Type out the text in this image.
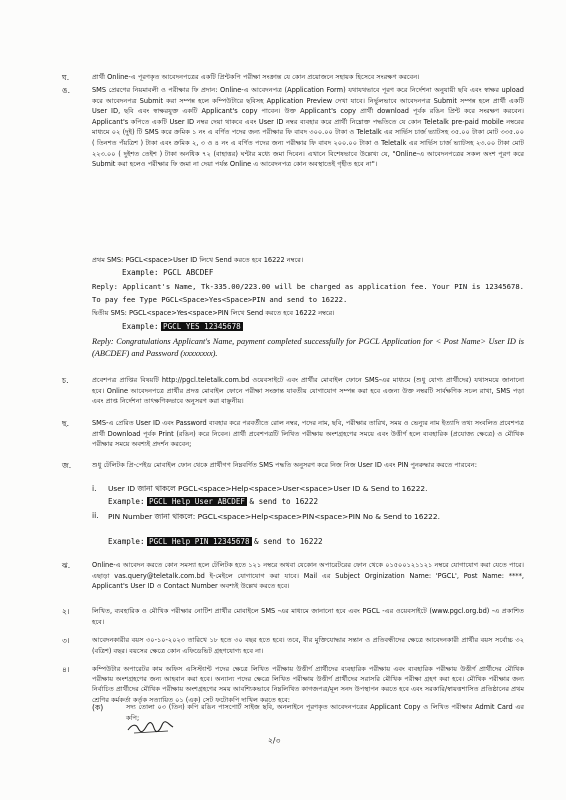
ঘ.	প্রার্থী Online-এ পূরণকৃত আবেদনপত্রের একটি প্রিন্টকপি পরীক্ষা সংক্রান্ত যে কোন প্রয়োজনে সহায়ক হিসেবে সংরক্ষণ করবেন।
ঙ.	SMS প্রেরণের নিয়মাবলী ও পরীক্ষার ফি প্রদান: Online-এ আবেদনপত্র (Application Form) যথাযথভাবে পূরণ করে নির্দেশনা অনুযায়ী ছবি এবং স্বাক্ষর upload করে আবেদনপত্র Submit করা সম্পন্ন হলে কম্পিউটারে ছবিসহ Application Preview দেখা যাবে। নির্ভুলভাবে আবেদনপত্র Submit সম্পন্ন হলে প্রার্থী একটি User ID, ছবি এবং স্বাক্ষরযুক্ত একটি Applicant's copy পাবেন। উক্ত Applicant's copy প্রার্থী download পূর্বক রঙিন প্রিন্ট করে সংরক্ষণ করবেন। Applicant's কপিতে একটি User ID নম্বর দেয়া থাকবে এবং User ID নম্বর ব্যবহার করে প্রার্থী নিম্নোক্ত পদ্ধতিতে যে কোন Teletalk pre-paid mobile নম্বরের মাধ্যমে ০২ (দুই) টি SMS করে ক্রমিক ১ নং এ বর্ণিত পদের জন্য পরীক্ষার ফি বাবদ ৩০০.০০ টাকা ও Teletalk এর সার্ভিস চার্জ ভ্যাটসহ ৩৫.০০ টাকা মোট ৩৩৫.০০ ( তিনশত পঁয়ত্রিশ ) টাকা এবং ক্রমিক ২, ৩ ও ৪ নং এ বর্ণিত পদের জন্য পরীক্ষার ফি বাবদ ২০০.০০ টাকা ও Teletalk এর সার্ভিস চার্জ ভ্যাটসহ ২৩.০০ টাকা মোট ২২৩.০০ ( দুইশত তেইশ ) টাকা অনধিক ৭২ (বাহাত্তর) ঘন্টার মধ্যে জমা দিবেন। এখানে বিশেষভাবে উল্লেখ্য যে, "Online-এ আবেদনপত্রের সকল অংশ পূরণ করে Submit করা হলেও পরীক্ষার ফি জমা না দেয়া পর্যন্ত Online এ আবেদনপত্র কোন অবস্থাতেই গৃহীত হবে না"।
প্রথম SMS: PGCL<space>User ID লিখে Send করতে হবে 16222 নম্বরে।
Example: PGCL ABCDEF
Reply: Applicant's Name, Tk-335.00/223.00 will be charged as application fee. Your PIN is 12345678. To pay fee Type PGCL<Space>Yes<Space>PIN and send to 16222.
দ্বিতীয় SMS: PGCL<space>Yes<space>PIN লিখে Send করতে হবে 16222 নম্বরে।
Example: PGCL YES 12345678
Reply: Congratulations Applicant's Name, payment completed successfully for PGCL Application for < Post Name> User ID is (ABCDEF) and Password (xxxxxxxx).
চ.	প্রবেশপত্র প্রাপ্তির বিষয়টি http://pgcl.teletalk.com.bd ওয়েবসাইটে এবং প্রার্থীর মোবাইল ফোনে SMS-এর মাধ্যমে (শুধু যোগ্য প্রার্থীদের) যথাসময়ে জানানো হবে। Online আবেদনপত্রে প্রার্থীর প্রদত্ত মোবাইল ফোনে পরীক্ষা সংক্রান্ত যাবতীয় যোগাযোগ সম্পন্ন করা হবে এজন্য উক্ত নম্বরটি সার্বক্ষণিক সচল রাখা, SMS পড়া এবং প্রাপ্ত নির্দেশনা তাৎক্ষণিকভাবে অনুসরণ করা বাঞ্ছনীয়।
ছ.	SMS-এ প্রেরিত User ID এবং Password ব্যবহার করে পরবর্তীতে রোল নম্বর, পদের নাম, ছবি, পরীক্ষার তারিখ, সময় ও ভেন্যুর নাম ইত্যাদি তথ্য সংবলিত প্রবেশপত্র প্রার্থী Download পূর্বক Print (রঙিন) করে নিবেন। প্রার্থী প্রবেশপত্রটি লিখিত পরীক্ষায় অংশগ্রহণের সময়ে এবং উত্তীর্ণ হলে ব্যবহারিক (প্রযোজ্য ক্ষেত্রে) ও মৌখিক পরীক্ষার সময়ে অবশ্যই প্রদর্শন করবেন;
জ.	শুধু টেলিটক প্রি-পেইড মোবাইল ফোন থেকে প্রার্থীগণ নিম্নবর্ণিত SMS পদ্ধতি অনুসরণ করে নিজ নিজ User ID এবং PIN পুনরুদ্ধার করতে পারবেন:
i. User ID জানা থাকলে PGCL<space>Help<space>User<space>User ID & Send to 16222.
Example: PGCL Help User ABCDEF & send to 16222
ii. PIN Number জানা থাকলে: PGCL<space>Help<space>PIN<space>PIN No & Send to 16222.
Example: PGCL Help PIN 12345678 & send to 16222
ঝ.	Online-এ আবেদন করতে কোন সমস্যা হলে টেলিটক হতে ১২১ নম্বরে অথবা যেকোন অপারেটরের ফোন থেকে ০১৫০০১২১১২১ নম্বরে যোগাযোগ করা যেতে পারে। এছাড়া vas.query@teletalk.com.bd ই-মেইলে যোগাযোগ করা যাবে। Mail এর Subject Orginization Name: 'PGCL', Post Name: ****, Applicant's User ID ও Contact Number অবশ্যই উল্লেখ করতে হবে।
২।	লিখিত, ব্যবহারিক ও মৌখিক পরীক্ষার নোটিশ প্রার্থীর মোবাইলে SMS -এর মাধ্যমে জানানো হবে এবং PGCL -এর ওয়েবসাইটে (www.pgcl.org.bd) -এ প্রকাশিত হবে।
৩।	আবেদনকারীর বয়স ৩০-১০-২০২৩ তারিখে ১৮ হতে ৩০ বছর হতে হবে। তবে, বীর মুক্তিযোদ্ধার সন্তান ও প্রতিবন্ধীদের ক্ষেত্রে আবেদনকারী প্রার্থীর বয়স সর্বোচ্চ ৩২ (বত্রিশ) বছর। বয়সের ক্ষেত্রে কোন এফিডেভিট গ্রহণযোগ্য হবে না।
৪।	কম্পিউটার অপারেটর কাম অফিস এসিস্ট্যান্ট পদের ক্ষেত্রে লিখিত পরীক্ষায় উত্তীর্ণ প্রার্থীদের ব্যবহারিক পরীক্ষায় এবং ব্যবহারিক পরীক্ষায় উত্তীর্ণ প্রার্থীদের মৌখিক পরীক্ষায় অংশগ্রহণের জন্য আহবান করা হবে। অন্যান্য পদের ক্ষেত্রে লিখিত পরীক্ষায় উত্তীর্ণ প্রার্থীদের সরাসরি মৌখিক পরীক্ষা গ্রহণ করা হবে। মৌখিক পরীক্ষার জন্য নির্বাচিত প্রার্থীদের মৌখিক পরীক্ষায় অংশগ্রহণের সময় আবশ্যিকভাবে নিম্নলিখিত কাগজপত্র/মূল সনদ উপস্থাপন করতে হবে এবং সরকারি/স্বায়ত্তশাসিত প্রতিষ্ঠানের প্রথম শ্রেণির কর্মকর্তা কর্তৃক সত্যায়িত ০১ (এক) সেট ফটোকপি দাখিল করতে হবে:
(ক)	সদ্য তোলা ০৩ (তিন) কপি রঙিন পাসপোর্ট সাইজ ছবি, অনলাইনে পূরণকৃত আবেদনপত্রের Applicant Copy ও লিখিত পরীক্ষার Admit Card এর কপি;
২/৩
